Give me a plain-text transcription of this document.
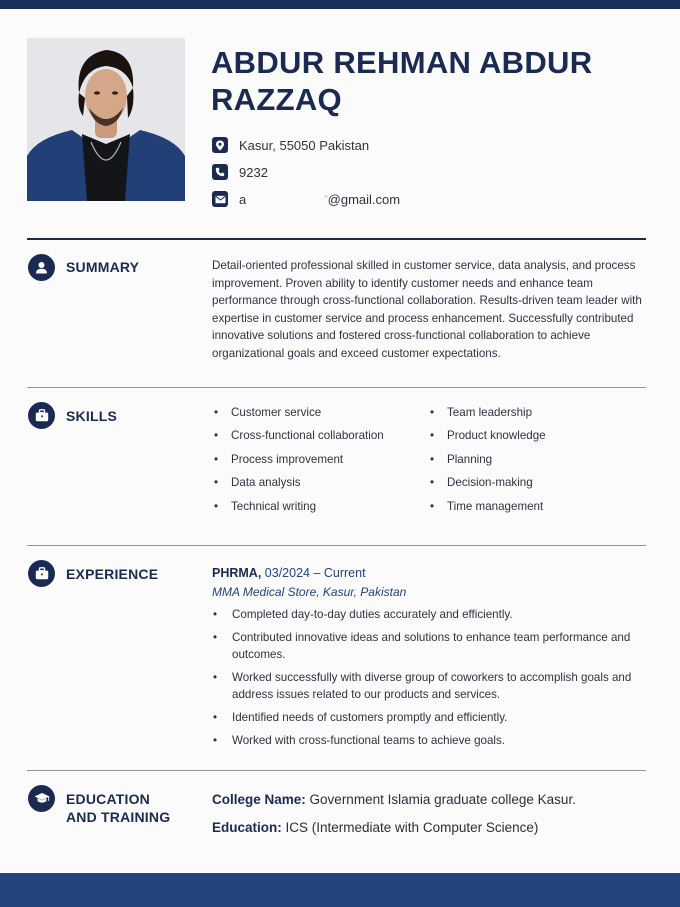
ABDUR REHMAN ABDUR RAZZAQ
Kasur, 55050 Pakistan
9232
a	'' @gmail.com
SUMMARY	Detail-oriented professional skilled in customer service, data analysis, and process improvement. Proven ability to identify customer needs and enhance team performance through cross-functional collaboration. Results-driven team leader with expertise in customer service and process enhancement. Successfully contributed innovative solutions and fostered cross-functional collaboration to achieve organizational goals and exceed customer expectations.
SKILLS
•	Customer service
• Cross-functional collaboration
• Process improvement
• Data analysis
• Technical writing
• Team leadership
• Product knowledge
• Planning
• Decision-making
• Time management
EXPERIENCE	PHRMA, 03/2024 – Current
MMA Medical Store, Kasur, Pakistan
• Completed day-to-day duties accurately and efficiently.
• Contributed innovative ideas and solutions to enhance team performance and outcomes.
• Worked successfully with diverse group of coworkers to accomplish goals and address issues related to our products and services.
• Identified needs of customers promptly and efficiently.
• Worked with cross-functional teams to achieve goals.
EDUCATION
AND TRAINING
College Name: Government Islamia graduate college Kasur.
Education: ICS (Intermediate with Computer Science)
